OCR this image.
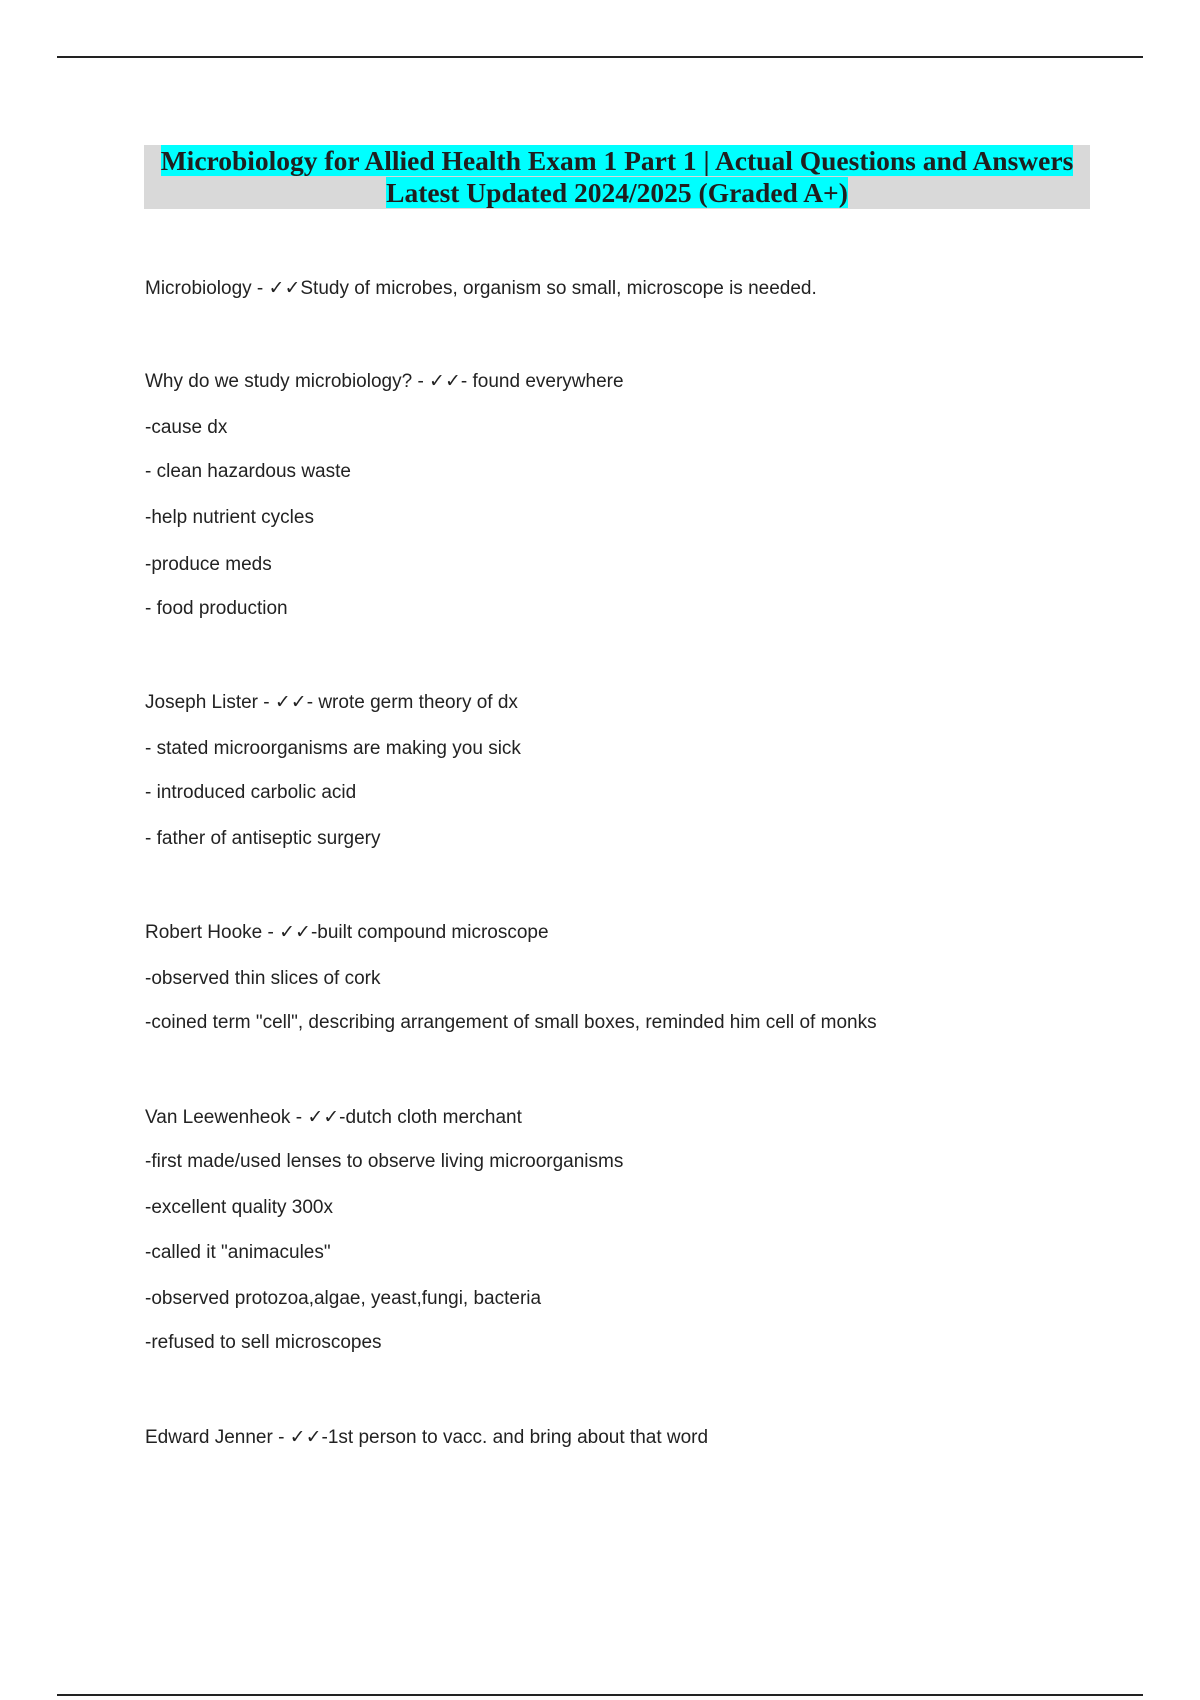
Microbiology for Allied Health Exam 1 Part 1 | Actual Questions and Answers
Latest Updated 2024/2025 (Graded A+)
Microbiology - ✓✓Study of microbes, organism so small, microscope is needed.
Why do we study microbiology? - ✓✓- found everywhere
-cause dx
- clean hazardous waste
-help nutrient cycles
-produce meds
- food production
Joseph Lister - ✓✓- wrote germ theory of dx
- stated microorganisms are making you sick
- introduced carbolic acid
- father of antiseptic surgery
Robert Hooke - ✓✓-built compound microscope
-observed thin slices of cork
-coined term "cell", describing arrangement of small boxes, reminded him cell of monks
Van Leewenheok - ✓✓-dutch cloth merchant
-first made/used lenses to observe living microorganisms
-excellent quality 300x
-called it "animacules"
-observed protozoa,algae, yeast,fungi, bacteria
-refused to sell microscopes
Edward Jenner - ✓✓-1st person to vacc. and bring about that word
